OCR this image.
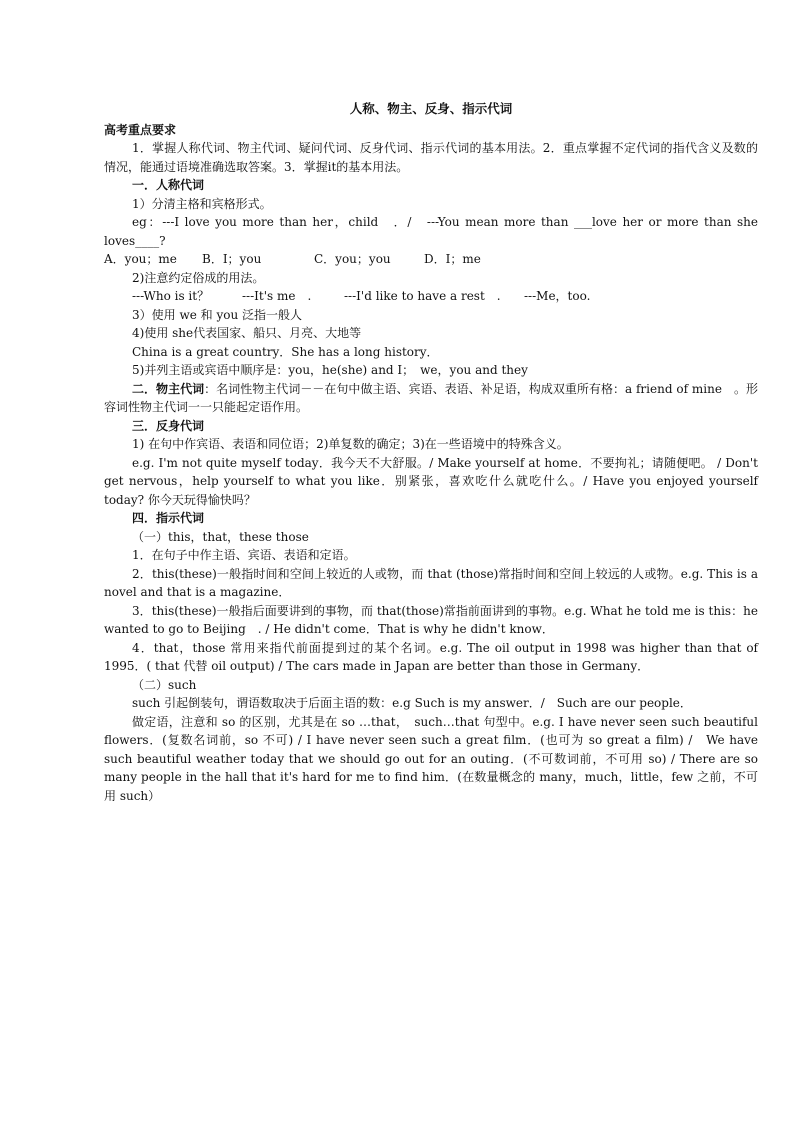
人称、物主、反身、指示代词

高考重点要求

1．掌握人称代词、物主代词、疑问代词、反身代词、指示代词的基本用法。2．重点掌握不定代词的指代含义及数的情况，能通过语境准确选取答案。3．掌握it的基本用法。

一．人称代词

1）分清主格和宾格形式。

eg：---I love you more than her，child　．/　---You mean more than ___love her or more than she loves____?

A．you；me B．I；you	C．you；you	D．I；me

2)注意约定俗成的用法。

---Who is it？	---It's me　.	---I'd like to have a rest　. ---Me，too.

3）使用 we 和 you 泛指一般人

4)使用 she代表国家、船只、月亮、大地等

China is a great country．She has a long history．

5)并列主语或宾语中顺序是：you，he(she) and I；　we，you and they

二．物主代词：名词性物主代词－－在句中做主语、宾语、表语、补足语，构成双重所有格：a friend of mine　。形容词性物主代词一一只能起定语作用。

三．反身代词

1) 在句中作宾语、表语和同位语；2)单复数的确定；3)在一些语境中的特殊含义。

e.g. I'm not quite myself today．我今天不大舒服。/ Make yourself at home．不要拘礼；请随便吧。 / Don't get nervous，help yourself to what you like．别紧张，喜欢吃什么就吃什么。/ Have you enjoyed yourself today? 你今天玩得愉快吗？

四．指示代词

（一）this，that，these those

1．在句子中作主语、宾语、表语和定语。

2．this(these)一般指时间和空间上较近的人或物，而 that (those)常指时间和空间上较远的人或物。e.g. This is a novel and that is a magazine．

3．this(these)一般指后面要讲到的事物，而 that(those)常指前面讲到的事物。e.g. What he told me is this：he wanted to go to Beijing　. / He didn't come．That is why he didn't know．

4．that，those 常用来指代前面提到过的某个名词。e.g. The oil output in 1998 was higher than that of 1995．( that 代替 oil output) / The cars made in Japan are better than those in Germany．

（二）such

such 引起倒装句，谓语数取决于后面主语的数：e.g Such is my answer．/　Such are our people．

做定语，注意和 so 的区别，尤其是在 so …that，　such…that 句型中。e.g. I have never seen such beautiful flowers．(复数名词前，so 不可) / I have never seen such a great film．(也可为 so great a film) /　We have such beautiful weather today that we should go out for an outing．(不可数词前，不可用 so) / There are so many people in the hall that it's hard for me to find him．(在数量概念的 many，much，little，few 之前，不可用 such）
